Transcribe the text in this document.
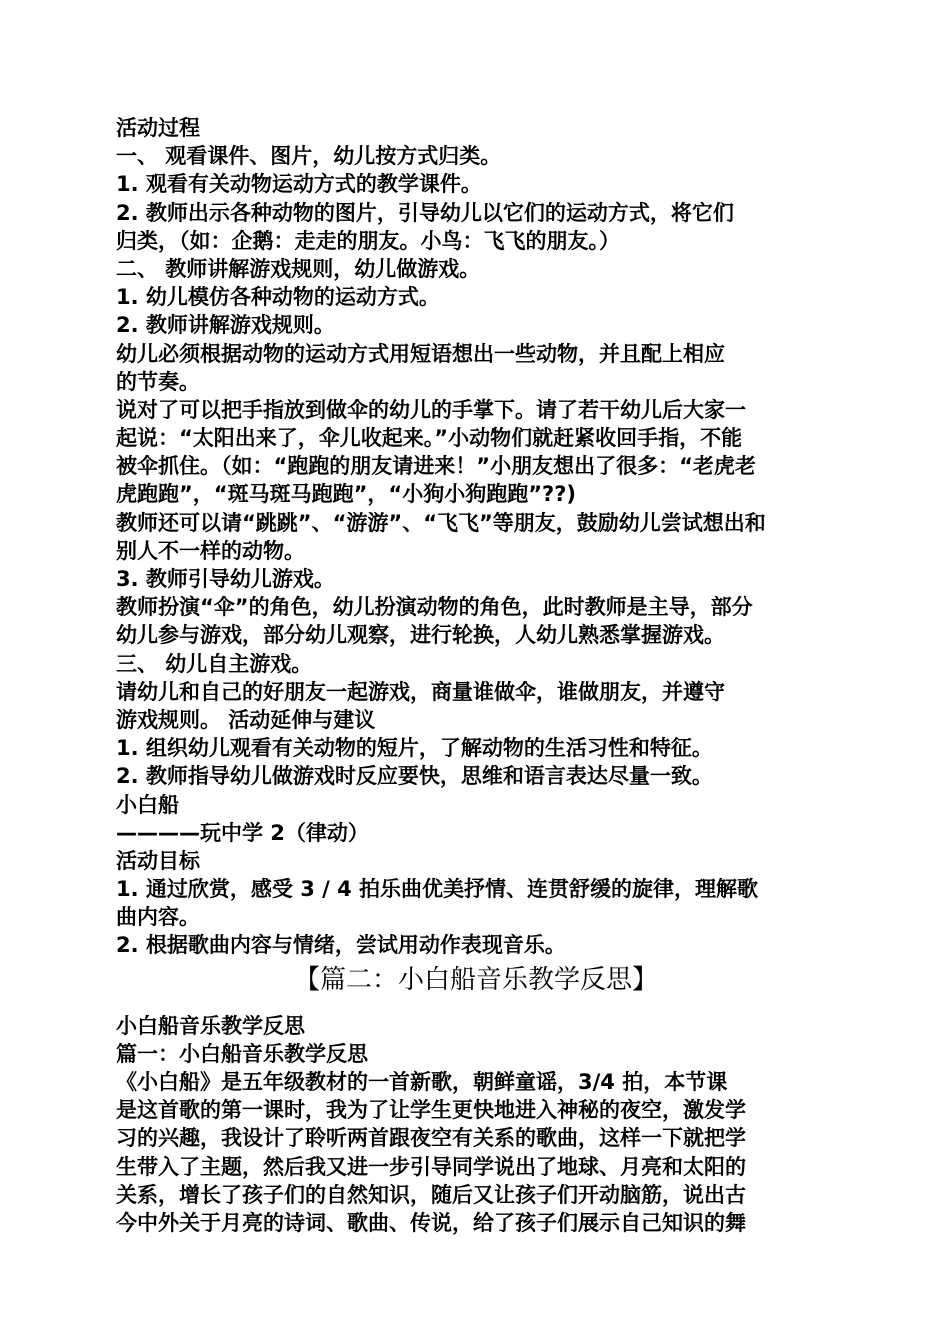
活动过程
一、 观看课件、图片，幼儿按方式归类。
1. 观看有关动物运动方式的教学课件。
2. 教师出示各种动物的图片，引导幼儿以它们的运动方式，将它们
归类，（如：企鹅：走走的朋友。小鸟：飞飞的朋友。）
二、 教师讲解游戏规则，幼儿做游戏。
1. 幼儿模仿各种动物的运动方式。
2. 教师讲解游戏规则。
幼儿必须根据动物的运动方式用短语想出一些动物，并且配上相应
的节奏。
说对了可以把手指放到做伞的幼儿的手掌下。请了若干幼儿后大家一
起说：“太阳出来了，伞儿收起来。”小动物们就赶紧收回手指，不能
被伞抓住。（如：“跑跑的朋友请进来！”小朋友想出了很多：“老虎老
虎跑跑”，“斑马斑马跑跑”，“小狗小狗跑跑”??)
教师还可以请“跳跳”、“游游”、“飞飞”等朋友，鼓励幼儿尝试想出和
别人不一样的动物。
3. 教师引导幼儿游戏。
教师扮演“伞”的角色，幼儿扮演动物的角色，此时教师是主导，部分
幼儿参与游戏，部分幼儿观察，进行轮换，人幼儿熟悉掌握游戏。
三、 幼儿自主游戏。
请幼儿和自己的好朋友一起游戏，商量谁做伞，谁做朋友，并遵守
游戏规则。 活动延伸与建议
1. 组织幼儿观看有关动物的短片，了解动物的生活习性和特征。
2. 教师指导幼儿做游戏时反应要快，思维和语言表达尽量一致。
小白船
————玩中学 2（律动）
活动目标
1. 通过欣赏，感受 3 / 4 拍乐曲优美抒情、连贯舒缓的旋律，理解歌
曲内容。
2. 根据歌曲内容与情绪，尝试用动作表现音乐。
【篇二：小白船音乐教学反思】
小白船音乐教学反思
篇一：小白船音乐教学反思
《小白船》是五年级教材的一首新歌，朝鲜童谣，3/4 拍，本节课
是这首歌的第一课时，我为了让学生更快地进入神秘的夜空，激发学
习的兴趣，我设计了聆听两首跟夜空有关系的歌曲，这样一下就把学
生带入了主题，然后我又进一步引导同学说出了地球、月亮和太阳的
关系，增长了孩子们的自然知识，随后又让孩子们开动脑筋，说出古
今中外关于月亮的诗词、歌曲、传说，给了孩子们展示自己知识的舞
